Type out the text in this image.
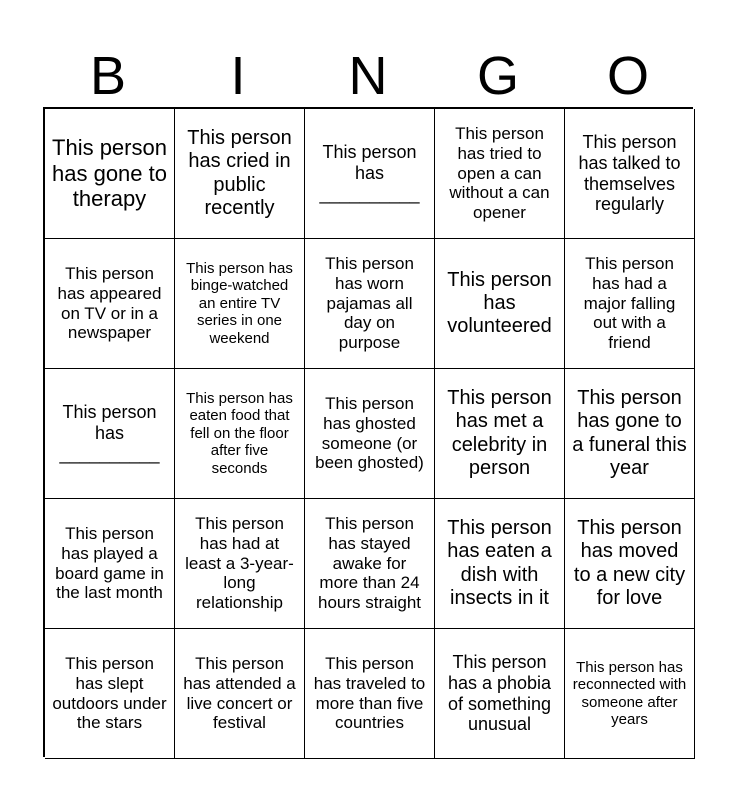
B	I	N	G	O
This person has gone to therapy
This person has cried in public recently
This person has __________
This person has tried to open a can without a can opener
This person has talked to themselves regularly
This person has appeared on TV or in a newspaper
This person has binge-watched an entire TV series in one weekend
This person has worn pajamas all day on purpose
This person has volunteered
This person has had a major falling out with a friend
This person has __________
This person has eaten food that fell on the floor after five seconds
This person has ghosted someone (or been ghosted)
This person has met a celebrity in person
This person has gone to a funeral this year
This person has played a board game in the last month
This person has had at least a 3-year-long relationship
This person has stayed awake for more than 24 hours straight
This person has eaten a dish with insects in it
This person has moved to a new city for love
This person has slept outdoors under the stars
This person has attended a live concert or festival
This person has traveled to more than five countries
This person has a phobia of something unusual
This person has reconnected with someone after years
